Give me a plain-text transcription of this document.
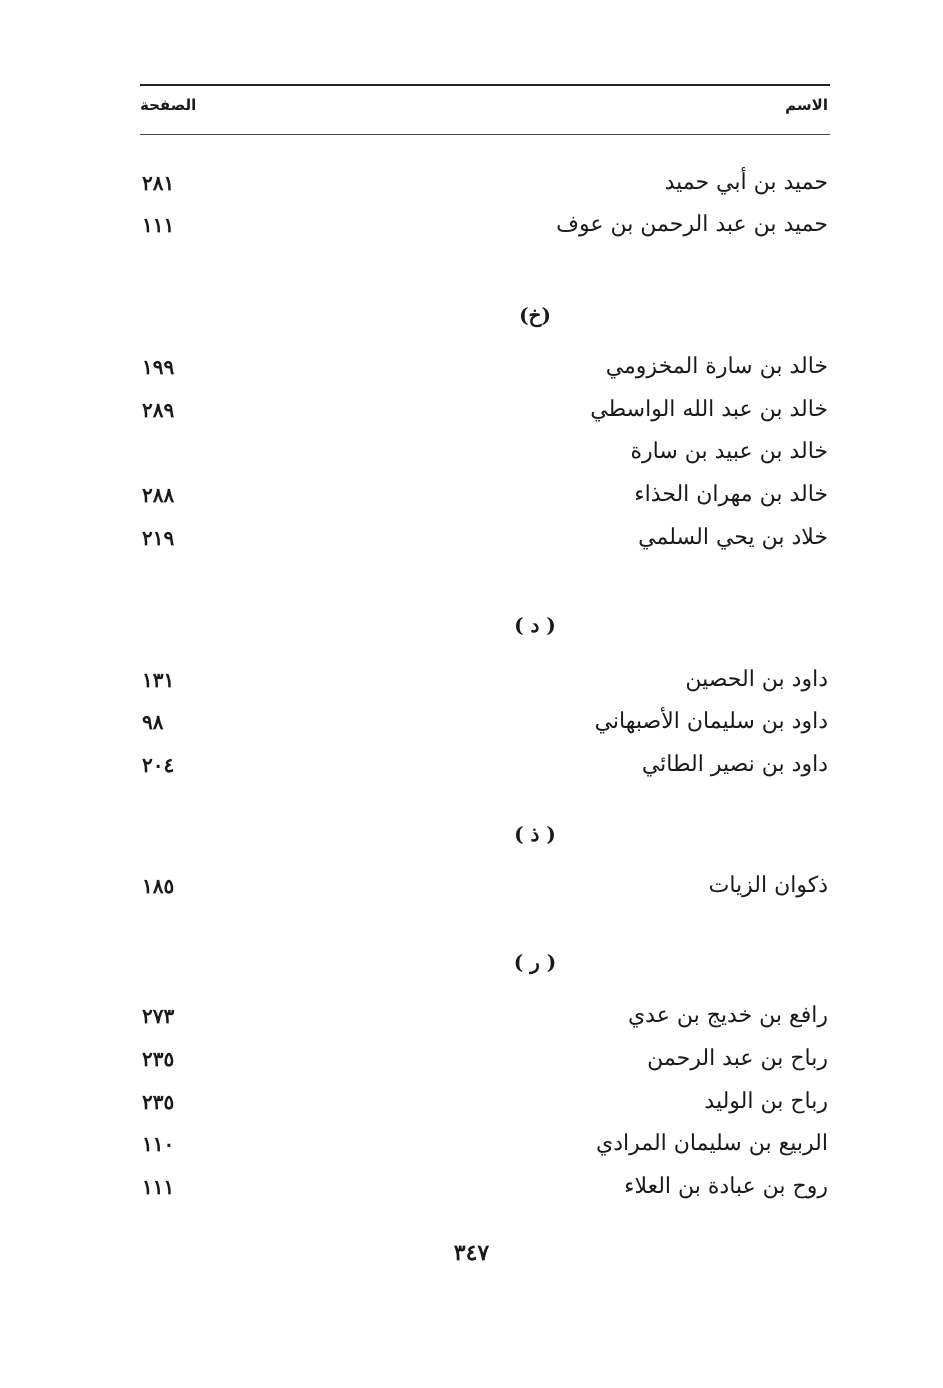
الاسم
الصفحة
حميد بن أبي حميد
٢٨١
حميد بن عبد الرحمن بن عوف
١١١
(خ)
خالد بن سارة المخزومي
١٩٩
خالد بن عبد الله الواسطي
٢٨٩
خالد بن عبيد بن سارة
خالد بن مهران الحذاء
٢٨٨
خلاد بن يحي السلمي
٢١٩
( د )
داود بن الحصين
١٣١
داود بن سليمان الأصبهاني
٩٨
داود بن نصير الطائي
٢٠٤
( ذ )
ذكوان الزيات
١٨٥
( ر )
رافع بن خديج بن عدي
٢٧٣
رباح بن عبد الرحمن
٢٣٥
رباح بن الوليد
٢٣٥
الربيع بن سليمان المرادي
١١٠
روح بن عبادة بن العلاء
١١١
٣٤٧
